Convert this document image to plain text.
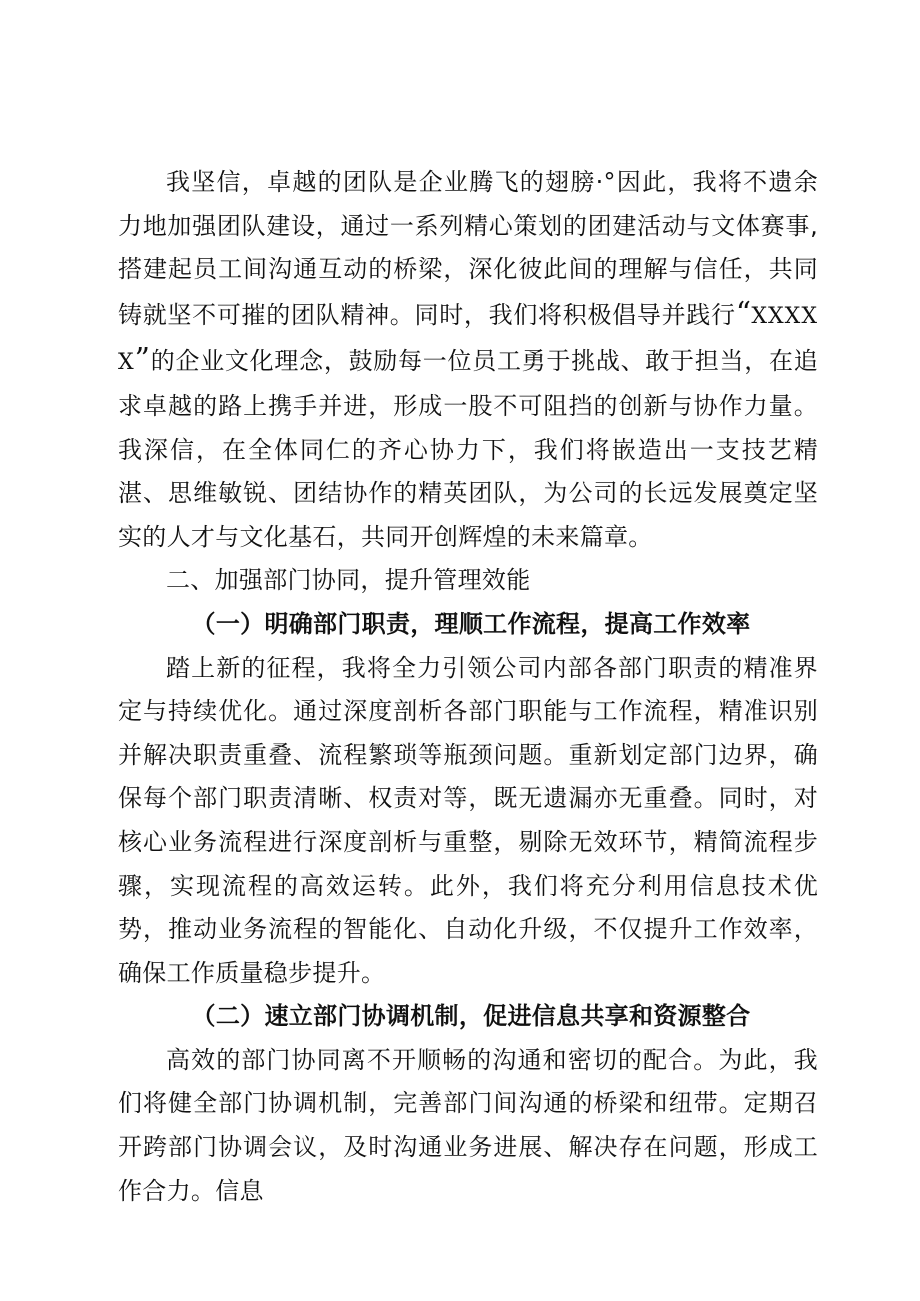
我坚信，卓越的团队是企业腾飞的翅膀·°因此，我将不遗余力地加强团队建设，通过一系列精心策划的团建活动与文体赛事,搭建起员工间沟通互动的桥梁，深化彼此间的理解与信任，共同铸就坚不可摧的团队精神。同时，我们将积极倡导并践行“XXXXX”的企业文化理念，鼓励每一位员工勇于挑战、敢于担当，在追求卓越的路上携手并进，形成一股不可阻挡的创新与协作力量。我深信，在全体同仁的齐心协力下，我们将嵌造出一支技艺精湛、思维敏锐、团结协作的精英团队，为公司的长远发展奠定坚实的人才与文化基石，共同开创辉煌的未来篇章。

二、加强部门协同，提升管理效能

（一）明确部门职责，理顺工作流程，提高工作效率

踏上新的征程，我将全力引领公司内部各部门职责的精准界定与持续优化。通过深度剖析各部门职能与工作流程，精准识别并解决职责重叠、流程繁琐等瓶颈问题。重新划定部门边界，确保每个部门职责清晰、权责对等，既无遗漏亦无重叠。同时，对核心业务流程进行深度剖析与重整，剔除无效环节，精简流程步骤，实现流程的高效运转。此外，我们将充分利用信息技术优势，推动业务流程的智能化、自动化升级，不仅提升工作效率，确保工作质量稳步提升。

（二）速立部门协调机制，促进信息共享和资源整合

高效的部门协同离不开顺畅的沟通和密切的配合。为此，我们将健全部门协调机制，完善部门间沟通的桥梁和纽带。定期召开跨部门协调会议，及时沟通业务进展、解决存在问题，形成工作合力。信息
